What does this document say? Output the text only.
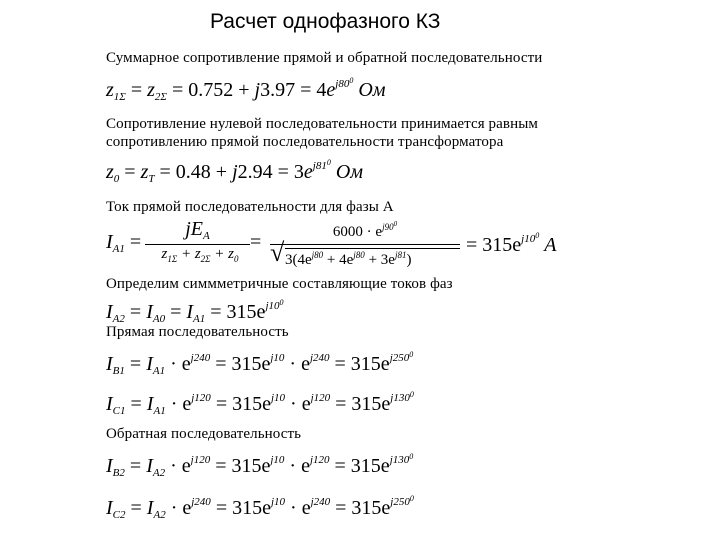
Расчет однофазного КЗ
Суммарное сопротивление прямой и обратной последовательности
$z_{1\Sigma} = z_{2\Sigma} = 0.752 + j3.97 = 4e^{j80^0}$ Ом
Сопротивление нулевой последовательности принимается равным
сопротивлению прямой последовательности трансформатора
$z_0 = z_T = 0.48 + j2.94 = 3e^{j81^0}$ Ом
Ток прямой последовательности для фазы А
$I_{A1}$ =
$jE_A$
$z_{1\Sigma} + z_{2\Sigma} + z_0$
=	$6000 \cdot e^{j90^0}$
√ $3(4e^{j80} + 4e^{j80} + 3e^{j81})$
= $315e^{j10^0}$ А
Определим симмметричные составляющие токов фаз
$I_{A2} = I_{A0} = I_{A1} = 315e^{j10^0}$
Прямая последовательность
$I_{B1} = I_{A1} \cdot e^{j240} = 315e^{j10} \cdot e^{j240} = 315e^{j250^0}$
$I_{C1} = I_{A1} \cdot e^{j120} = 315e^{j10} \cdot e^{j120} = 315e^{j130^0}$
Обратная последовательность
$I_{B2} = I_{A2} \cdot e^{j120} = 315e^{j10} \cdot e^{j120} = 315e^{j130^0}$
$I_{C2} = I_{A2} \cdot e^{j240} = 315e^{j10} \cdot e^{j240} = 315e^{j250^0}$
